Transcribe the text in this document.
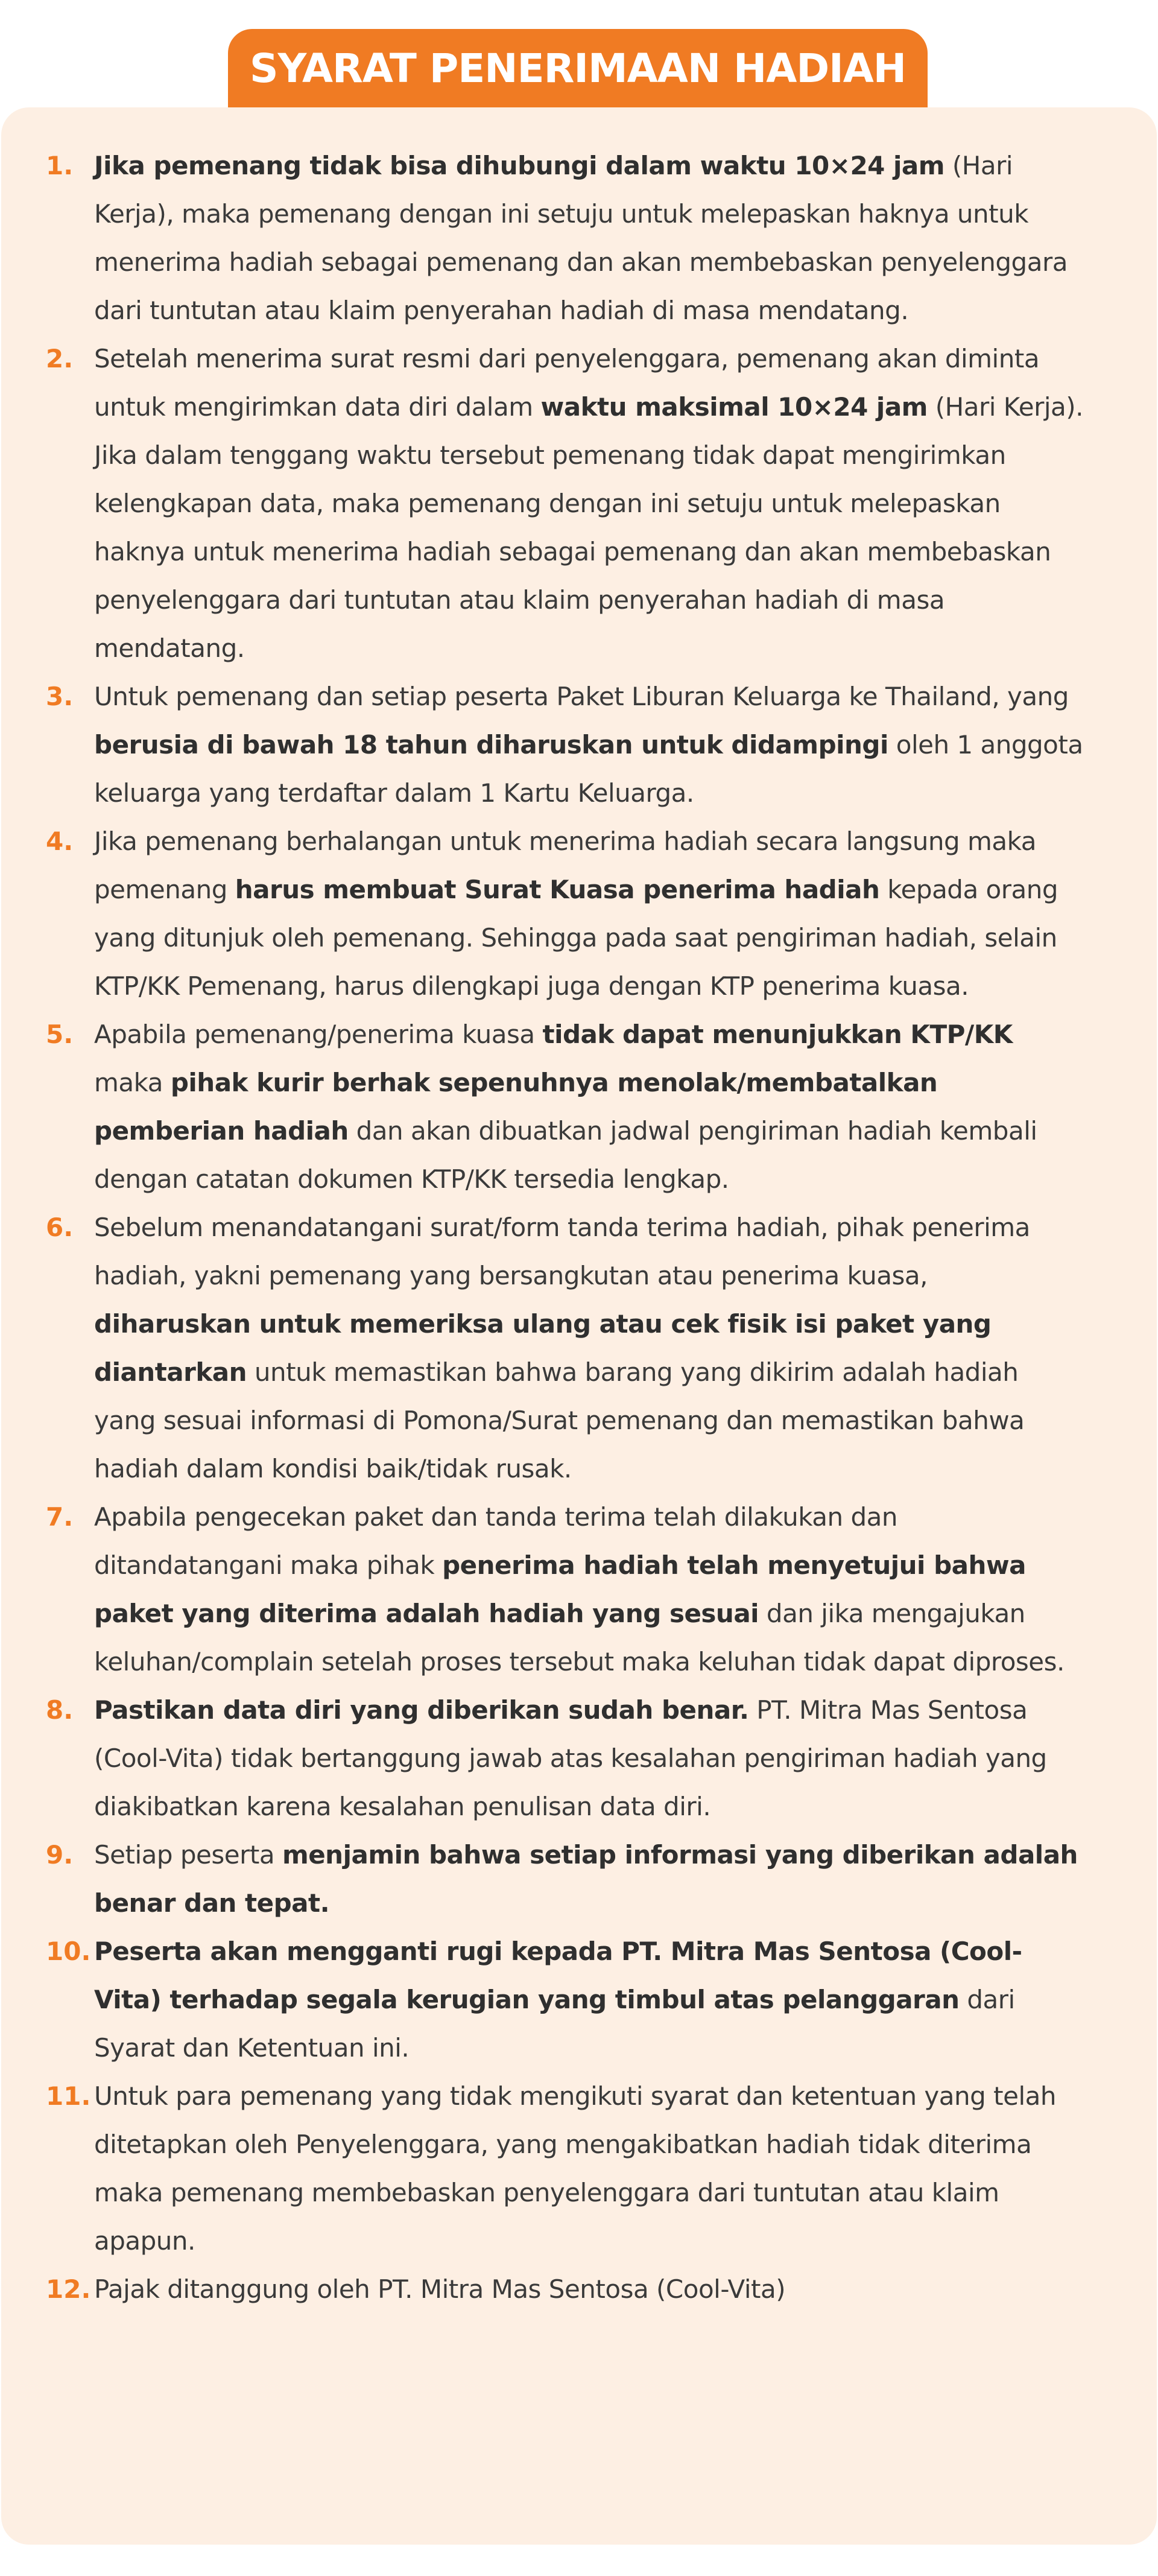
SYARAT PENERIMAAN HADIAH
1. Jika pemenang tidak bisa dihubungi dalam waktu 10×24 jam (Hari Kerja), maka pemenang dengan ini setuju untuk melepaskan haknya untuk menerima hadiah sebagai pemenang dan akan membebaskan penyelenggara dari tuntutan atau klaim penyerahan hadiah di masa mendatang.
2. Setelah menerima surat resmi dari penyelenggara, pemenang akan diminta untuk mengirimkan data diri dalam waktu maksimal 10×24 jam (Hari Kerja). Jika dalam tenggang waktu tersebut pemenang tidak dapat mengirimkan kelengkapan data, maka pemenang dengan ini setuju untuk melepaskan haknya untuk menerima hadiah sebagai pemenang dan akan membebaskan penyelenggara dari tuntutan atau klaim penyerahan hadiah di masa mendatang.
3. Untuk pemenang dan setiap peserta Paket Liburan Keluarga ke Thailand, yang berusia di bawah 18 tahun diharuskan untuk didampingi oleh 1 anggota keluarga yang terdaftar dalam 1 Kartu Keluarga.
4. Jika pemenang berhalangan untuk menerima hadiah secara langsung maka pemenang harus membuat Surat Kuasa penerima hadiah kepada orang yang ditunjuk oleh pemenang. Sehingga pada saat pengiriman hadiah, selain KTP/KK Pemenang, harus dilengkapi juga dengan KTP penerima kuasa.
5. Apabila pemenang/penerima kuasa tidak dapat menunjukkan KTP/KK maka pihak kurir berhak sepenuhnya menolak/membatalkan pemberian hadiah dan akan dibuatkan jadwal pengiriman hadiah kembali dengan catatan dokumen KTP/KK tersedia lengkap.
6. Sebelum menandatangani surat/form tanda terima hadiah, pihak penerima hadiah, yakni pemenang yang bersangkutan atau penerima kuasa, diharuskan untuk memeriksa ulang atau cek fisik isi paket yang diantarkan untuk memastikan bahwa barang yang dikirim adalah hadiah yang sesuai informasi di Pomona/Surat pemenang dan memastikan bahwa hadiah dalam kondisi baik/tidak rusak.
7. Apabila pengecekan paket dan tanda terima telah dilakukan dan ditandatangani maka pihak penerima hadiah telah menyetujui bahwa paket yang diterima adalah hadiah yang sesuai dan jika mengajukan keluhan/complain setelah proses tersebut maka keluhan tidak dapat diproses.
8. Pastikan data diri yang diberikan sudah benar. PT. Mitra Mas Sentosa (Cool-Vita) tidak bertanggung jawab atas kesalahan pengiriman hadiah yang diakibatkan karena kesalahan penulisan data diri.
9. Setiap peserta menjamin bahwa setiap informasi yang diberikan adalah benar dan tepat.
10. Peserta akan mengganti rugi kepada PT. Mitra Mas Sentosa (Cool-Vita) terhadap segala kerugian yang timbul atas pelanggaran dari Syarat dan Ketentuan ini.
11. Untuk para pemenang yang tidak mengikuti syarat dan ketentuan yang telah ditetapkan oleh Penyelenggara, yang mengakibatkan hadiah tidak diterima maka pemenang membebaskan penyelenggara dari tuntutan atau klaim apapun.
12. Pajak ditanggung oleh PT. Mitra Mas Sentosa (Cool-Vita)
